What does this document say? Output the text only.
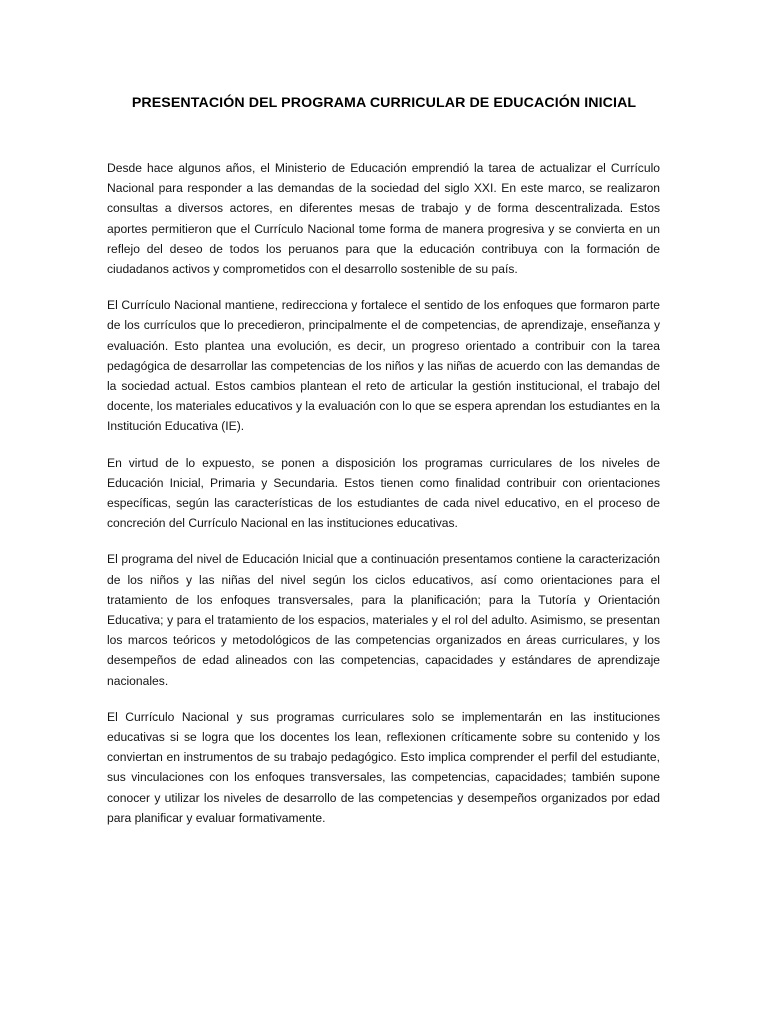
PRESENTACIÓN DEL PROGRAMA CURRICULAR DE EDUCACIÓN INICIAL

Desde hace algunos años, el Ministerio de Educación emprendió la tarea de actualizar el Currículo Nacional para responder a las demandas de la sociedad del siglo XXI. En este marco, se realizaron consultas a diversos actores, en diferentes mesas de trabajo y de forma descentralizada. Estos aportes permitieron que el Currículo Nacional tome forma de manera progresiva y se convierta en un reflejo del deseo de todos los peruanos para que la educación contribuya con la formación de ciudadanos activos y comprometidos con el desarrollo sostenible de su país.

El Currículo Nacional mantiene, redirecciona y fortalece el sentido de los enfoques que formaron parte de los currículos que lo precedieron, principalmente el de competencias, de aprendizaje, enseñanza y evaluación. Esto plantea una evolución, es decir, un progreso orientado a contribuir con la tarea pedagógica de desarrollar las competencias de los niños y las niñas de acuerdo con las demandas de la sociedad actual. Estos cambios plantean el reto de articular la gestión institucional, el trabajo del docente, los materiales educativos y la evaluación con lo que se espera aprendan los estudiantes en la Institución Educativa (IE).

En virtud de lo expuesto, se ponen a disposición los programas curriculares de los niveles de Educación Inicial, Primaria y Secundaria. Estos tienen como finalidad contribuir con orientaciones específicas, según las características de los estudiantes de cada nivel educativo, en el proceso de concreción del Currículo Nacional en las instituciones educativas.

El programa del nivel de Educación Inicial que a continuación presentamos contiene la caracterización de los niños y las niñas del nivel según los ciclos educativos, así como orientaciones para el tratamiento de los enfoques transversales, para la planificación; para la Tutoría y Orientación Educativa; y para el tratamiento de los espacios, materiales y el rol del adulto. Asimismo, se presentan los marcos teóricos y metodológicos de las competencias organizados en áreas curriculares, y los desempeños de edad alineados con las competencias, capacidades y estándares de aprendizaje nacionales.

El Currículo Nacional y sus programas curriculares solo se implementarán en las instituciones educativas si se logra que los docentes los lean, reflexionen críticamente sobre su contenido y los conviertan en instrumentos de su trabajo pedagógico. Esto implica comprender el perfil del estudiante, sus vinculaciones con los enfoques transversales, las competencias, capacidades; también supone conocer y utilizar los niveles de desarrollo de las competencias y desempeños organizados por edad para planificar y evaluar formativamente.
